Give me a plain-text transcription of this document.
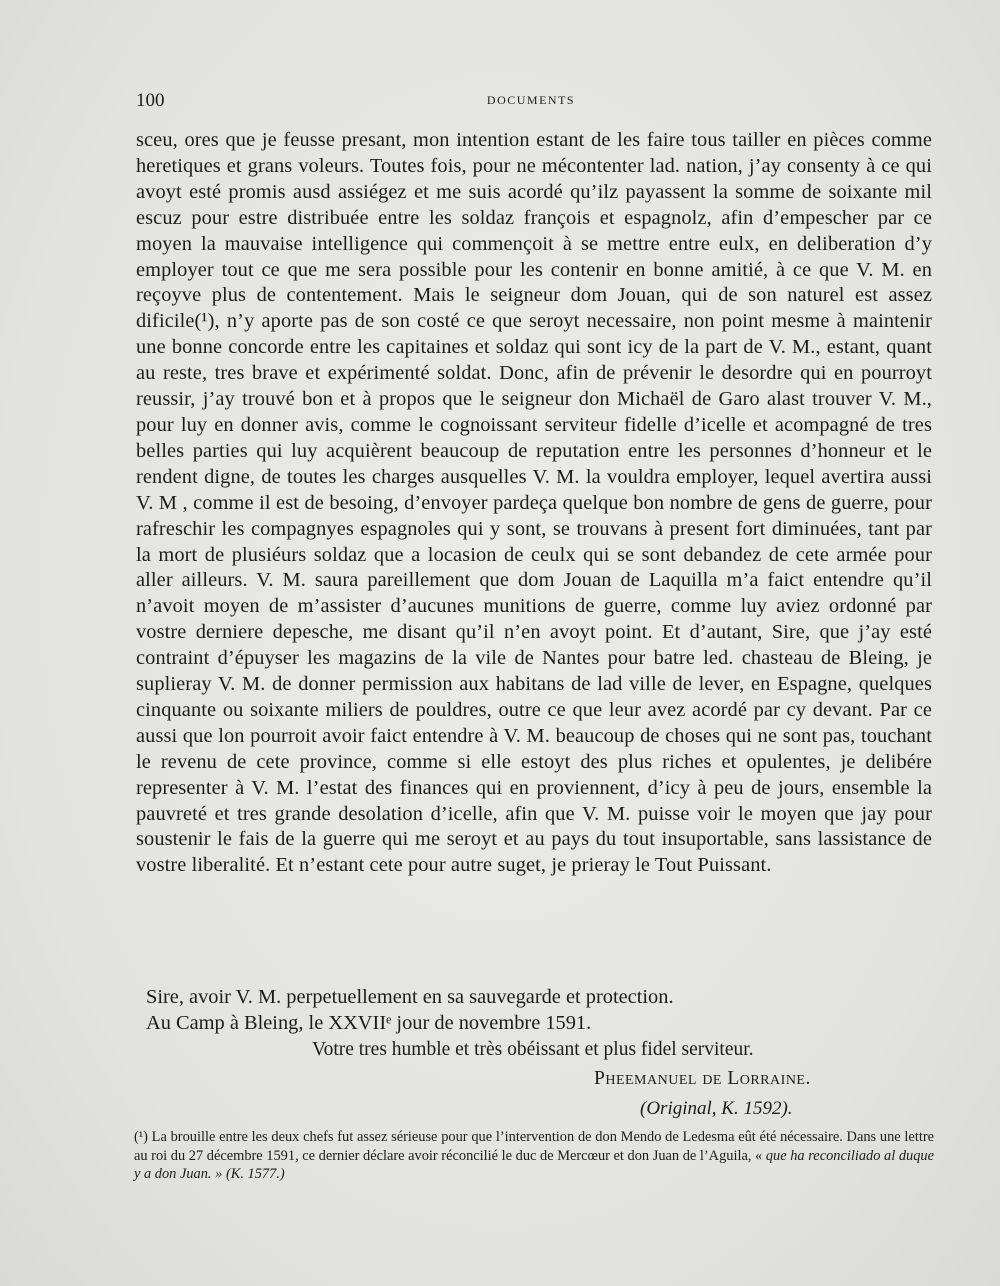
100	DOCUMENTS

sceu, ores que je feusse presant, mon intention estant de les faire tous tailler en pièces comme heretiques et grans voleurs. Toutes fois, pour ne mécontenter lad. nation, j’ay consenty à ce qui avoyt esté promis ausd assiégez et me suis acordé qu’ilz payassent la somme de soixante mil escuz pour estre distribuée entre les soldaz françois et espagnolz, afin d’empescher par ce moyen la mauvaise intelligence qui commençoit à se mettre entre eulx, en deliberation d’y employer tout ce que me sera possible pour les contenir en bonne amitié, à ce que V. M. en reçoyve plus de contentement. Mais le seigneur dom Jouan, qui de son naturel est assez dificile(¹), n’y aporte pas de son costé ce que seroyt necessaire, non point mesme à maintenir une bonne concorde entre les capitaines et soldaz qui sont icy de la part de V. M., estant, quant au reste, tres brave et expérimenté soldat. Donc, afin de prévenir le desordre qui en pourroyt reussir, j’ay trouvé bon et à propos que le seigneur don Michaël de Garo alast trouver V. M., pour luy en donner avis, comme le cognoissant serviteur fidelle d’icelle et acompagné de tres belles parties qui luy acquièrent beaucoup de reputation entre les personnes d’honneur et le rendent digne, de toutes les charges ausquelles V. M. la vouldra employer, lequel avertira aussi V. M , comme il est de besoing, d’envoyer pardeça quelque bon nombre de gens de guerre, pour rafreschir les compagnyes espagnoles qui y sont, se trouvans à present fort diminuées, tant par la mort de plusiéurs soldaz que a locasion de ceulx qui se sont debandez de cete armée pour aller ailleurs. V. M. saura pareillement que dom Jouan de Laquilla m’a faict entendre qu’il n’avoit moyen de m’assister d’aucunes munitions de guerre, comme luy aviez ordonné par vostre derniere depesche, me disant qu’il n’en avoyt point. Et d’autant, Sire, que j’ay esté contraint d’épuyser les magazins de la vile de Nantes pour batre led. chasteau de Bleing, je suplieray V. M. de donner permission aux habitans de lad ville de lever, en Espagne, quelques cinquante ou soixante miliers de pouldres, outre ce que leur avez acordé par cy devant. Par ce aussi que lon pourroit avoir faict entendre à V. M. beaucoup de choses qui ne sont pas, touchant le revenu de cete province, comme si elle estoyt des plus riches et opulentes, je delibére representer à V. M. l’estat des finances qui en proviennent, d’icy à peu de jours, ensemble la pauvreté et tres grande desolation d’icelle, afin que V. M. puisse voir le moyen que jay pour soustenir le fais de la guerre qui me seroyt et au pays du tout insuportable, sans lassistance de vostre liberalité. Et n’estant cete pour autre suget, je prieray le Tout Puissant.

Sire, avoir V. M. perpetuellement en sa sauvegarde et protection.
Au Camp à Bleing, le XXVIIᵉ jour de novembre 1591.
Votre tres humble et très obéissant et plus fidel serviteur.
Pheemanuel de Lorraine.
(Original, K. 1592).
(¹) La brouille entre les deux chefs fut assez sérieuse pour que l’intervention de don Mendo de Ledesma eût été nécessaire. Dans une lettre au roi du 27 décembre 1591, ce dernier déclare avoir réconcilié le duc de Mercœur et don Juan de l’Aguila, « que ha reconciliado al duque y a don Juan. » (K. 1577.)
